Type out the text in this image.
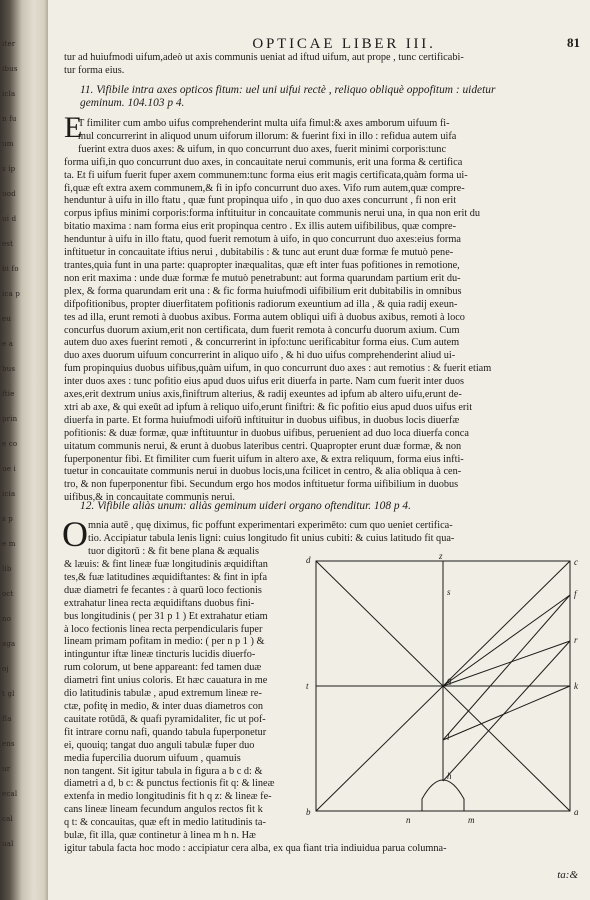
iter
ibus
icla
n fu
um
s ip
uod
ui d
est
bi fo
ica p
eu
e a
bus
ftie
prin
e co
ue i
icia
s p
e m
lib
oct
no
aga
oj
t gl
fla
ens
ur
ecal
cal
ual
OPTICAE LIBER III.	81
tur ad huiufmodi uifum,adeò ut axis communis ueniat ad iftud uifum, aut prope , tunc certificabi-
tur forma eius.
11. Vifibile intra axes opticos fitum: uel uni uifui rectè , reliquo obliquè oppofitum : uidetur
geminum. 104.103 p 4.
E
T fimiliter cum ambo uifus comprehenderint multa uifa fimul:& axes amborum uifuum fi-
mul concurrerint in aliquod unum uiforum illorum: & fuerint fixi in illo : refidua autem uifa
fuerint extra duos axes: & uifum, in quo concurrunt duo axes, fuerit minimi corporis:tunc
forma uifi,in quo concurrunt duo axes, in concauitate nerui communis, erit una forma & certifica
ta. Et fi uifum fuerit fuper axem communem:tunc forma eius erit magis certificata,quàm forma ui-
fi,quæ eft extra axem communem,& fi in ipfo concurrunt duo axes. Vifo rum autem,quæ compre-
henduntur à uifu in illo ftatu , quæ funt propinqua uifo , in quo duo axes concurrunt , fi non erit
corpus ipfius minimi corporis:forma inftituitur in concauitate communis nerui una, in qua non erit du
bitatio maxima : nam forma eius erit propinqua centro . Ex illis autem uifibilibus, quæ compre-
henduntur à uifu in illo ftatu, quod fuerit remotum à uifo, in quo concurrunt duo axes:eius forma
inftituetur in concauitate iftius nerui , dubitabilis : & tunc aut erunt duæ formæ fe mutuò pene-
trantes,quia funt in una parte: quapropter inæqualitas, quæ eft inter fuas pofitiones in remotione,
non erit maxima : unde duæ formæ fe mutuò penetrabunt: aut forma quarundam partium erit du-
plex, & forma quarundam erit una : & fic forma huiufmodi uifibilium erit dubitabilis in omnibus
difpofitionibus, propter diuerfitatem pofitionis radiorum exeuntium ad illa , & quia radij exeun-
tes ad illa, erunt remoti à duobus axibus. Forma autem obliqui uifi à duobus axibus, remoti à loco
concurfus duorum axium,erit non certificata, dum fuerit remota à concurfu duorum axium. Cum
autem duo axes fuerint remoti , & concurrerint in ipfo:tunc uerificabitur forma eius. Cum autem
duo axes duorum uifuum concurrerint in aliquo uifo , & hi duo uifus comprehenderint aliud ui-
fum propinquius duobus uifibus,quàm uifum, in quo concurrunt duo axes : aut remotius : & fuerit etiam
inter duos axes : tunc pofitio eius apud duos uifus erit diuerfa in parte. Nam cum fuerit inter duos
axes,erit dextrum unius axis,finiftrum alterius, & radij exeuntes ad ipfum ab altero uifu,erunt de-
xtri ab axe, & qui exeūt ad ipfum à reliquo uifo,erunt finiftri: & fic pofitio eius apud duos uifus erit
diuerfa in parte. Et forma huiufmodi uifoṙū inftituitur in duobus uifibus, in duobus locis diuerfæ
pofitionis: & duæ formæ, quæ inftituuntur in duobus uifibus, peruenient ad duo loca diuerfa conca
uitatum communis nerui, & erunt à duobus lateribus centri. Quapropter erunt duæ formæ, & non
fuperponentur fibi. Et fimiliter cum fuerit uifum in altero axe, & extra reliquum, forma eius infti-
tuetur in concauitate communis nerui in duobus locis,una fcilicet in centro, & alia obliqua à cen-
tro, & non fuperponentur fibi. Secundum ergo hos modos inftituetur forma uifibilium in duobus
uifibus,& in concauitate communis nerui.
12. Vifibile aliàs unum: aliàs geminum uideri organo oftenditur. 108 p 4.
O mnia autē , quę diximus, fic poffunt experimentari experimēto: cum quo ueniet certifica-
tio. Accipiatur tabula lenis ligni: cuius longitudo fit unius cubiti: & cuius latitudo fit qua-
tuor digitorū : & fit bene plana & æqualis
& læuis: & fint lineæ fuæ longitudinis æquidiftan
tes,& fuæ latitudines æquidiftantes: & fint in ipfa
duæ diametri fe fecantes : à quarū loco fectionis
extrahatur linea recta æquidiftans duobus fini-
bus longitudinis ( per 31 p 1 ) Et extrahatur etiam
à loco fectionis linea recta perpendicularis fuper
lineam primam pofitam in medio: ( per n p 1 ) &
intinguntur iftæ lineæ tincturis lucidis diuerfo-
rum colorum, ut bene appareant: fed tamen duæ
diametri fint unius coloris. Et hæc cauatura in me
dio latitudinis tabulæ , apud extremum lineæ re-
ctæ, pofitę in medio, & inter duas diametros con
cauitate rotūdā, & quafi pyramidaliter, fic ut pof-
fit intrare cornu nafi, quando tabula fuperponetur
ei, quouiq; tangat duo anguli tabulæ fuper duo
media fupercilia duorum uifuum , quamuis
non tangent. Sit igitur tabula in figura a b c d: &
diametri a d, b c: & punctus fectionis fit q: & lineæ
extenfa in medio longitudinis fit h q z: & lineæ fe-
cans lineæ lineam fecundum angulos rectos fit k
q t: & concauitas, quæ eft in medio latitudinis ta-
bulæ, fit illa, quæ continetur à linea m h n. Hæ
igitur tabula facta hoc modo : accipiatur cera alba, ex qua fiant tria indiuidua parua columna-
d	z
c
f
r
t	k
s
q
l
h
b
n	m
a
ta:&
